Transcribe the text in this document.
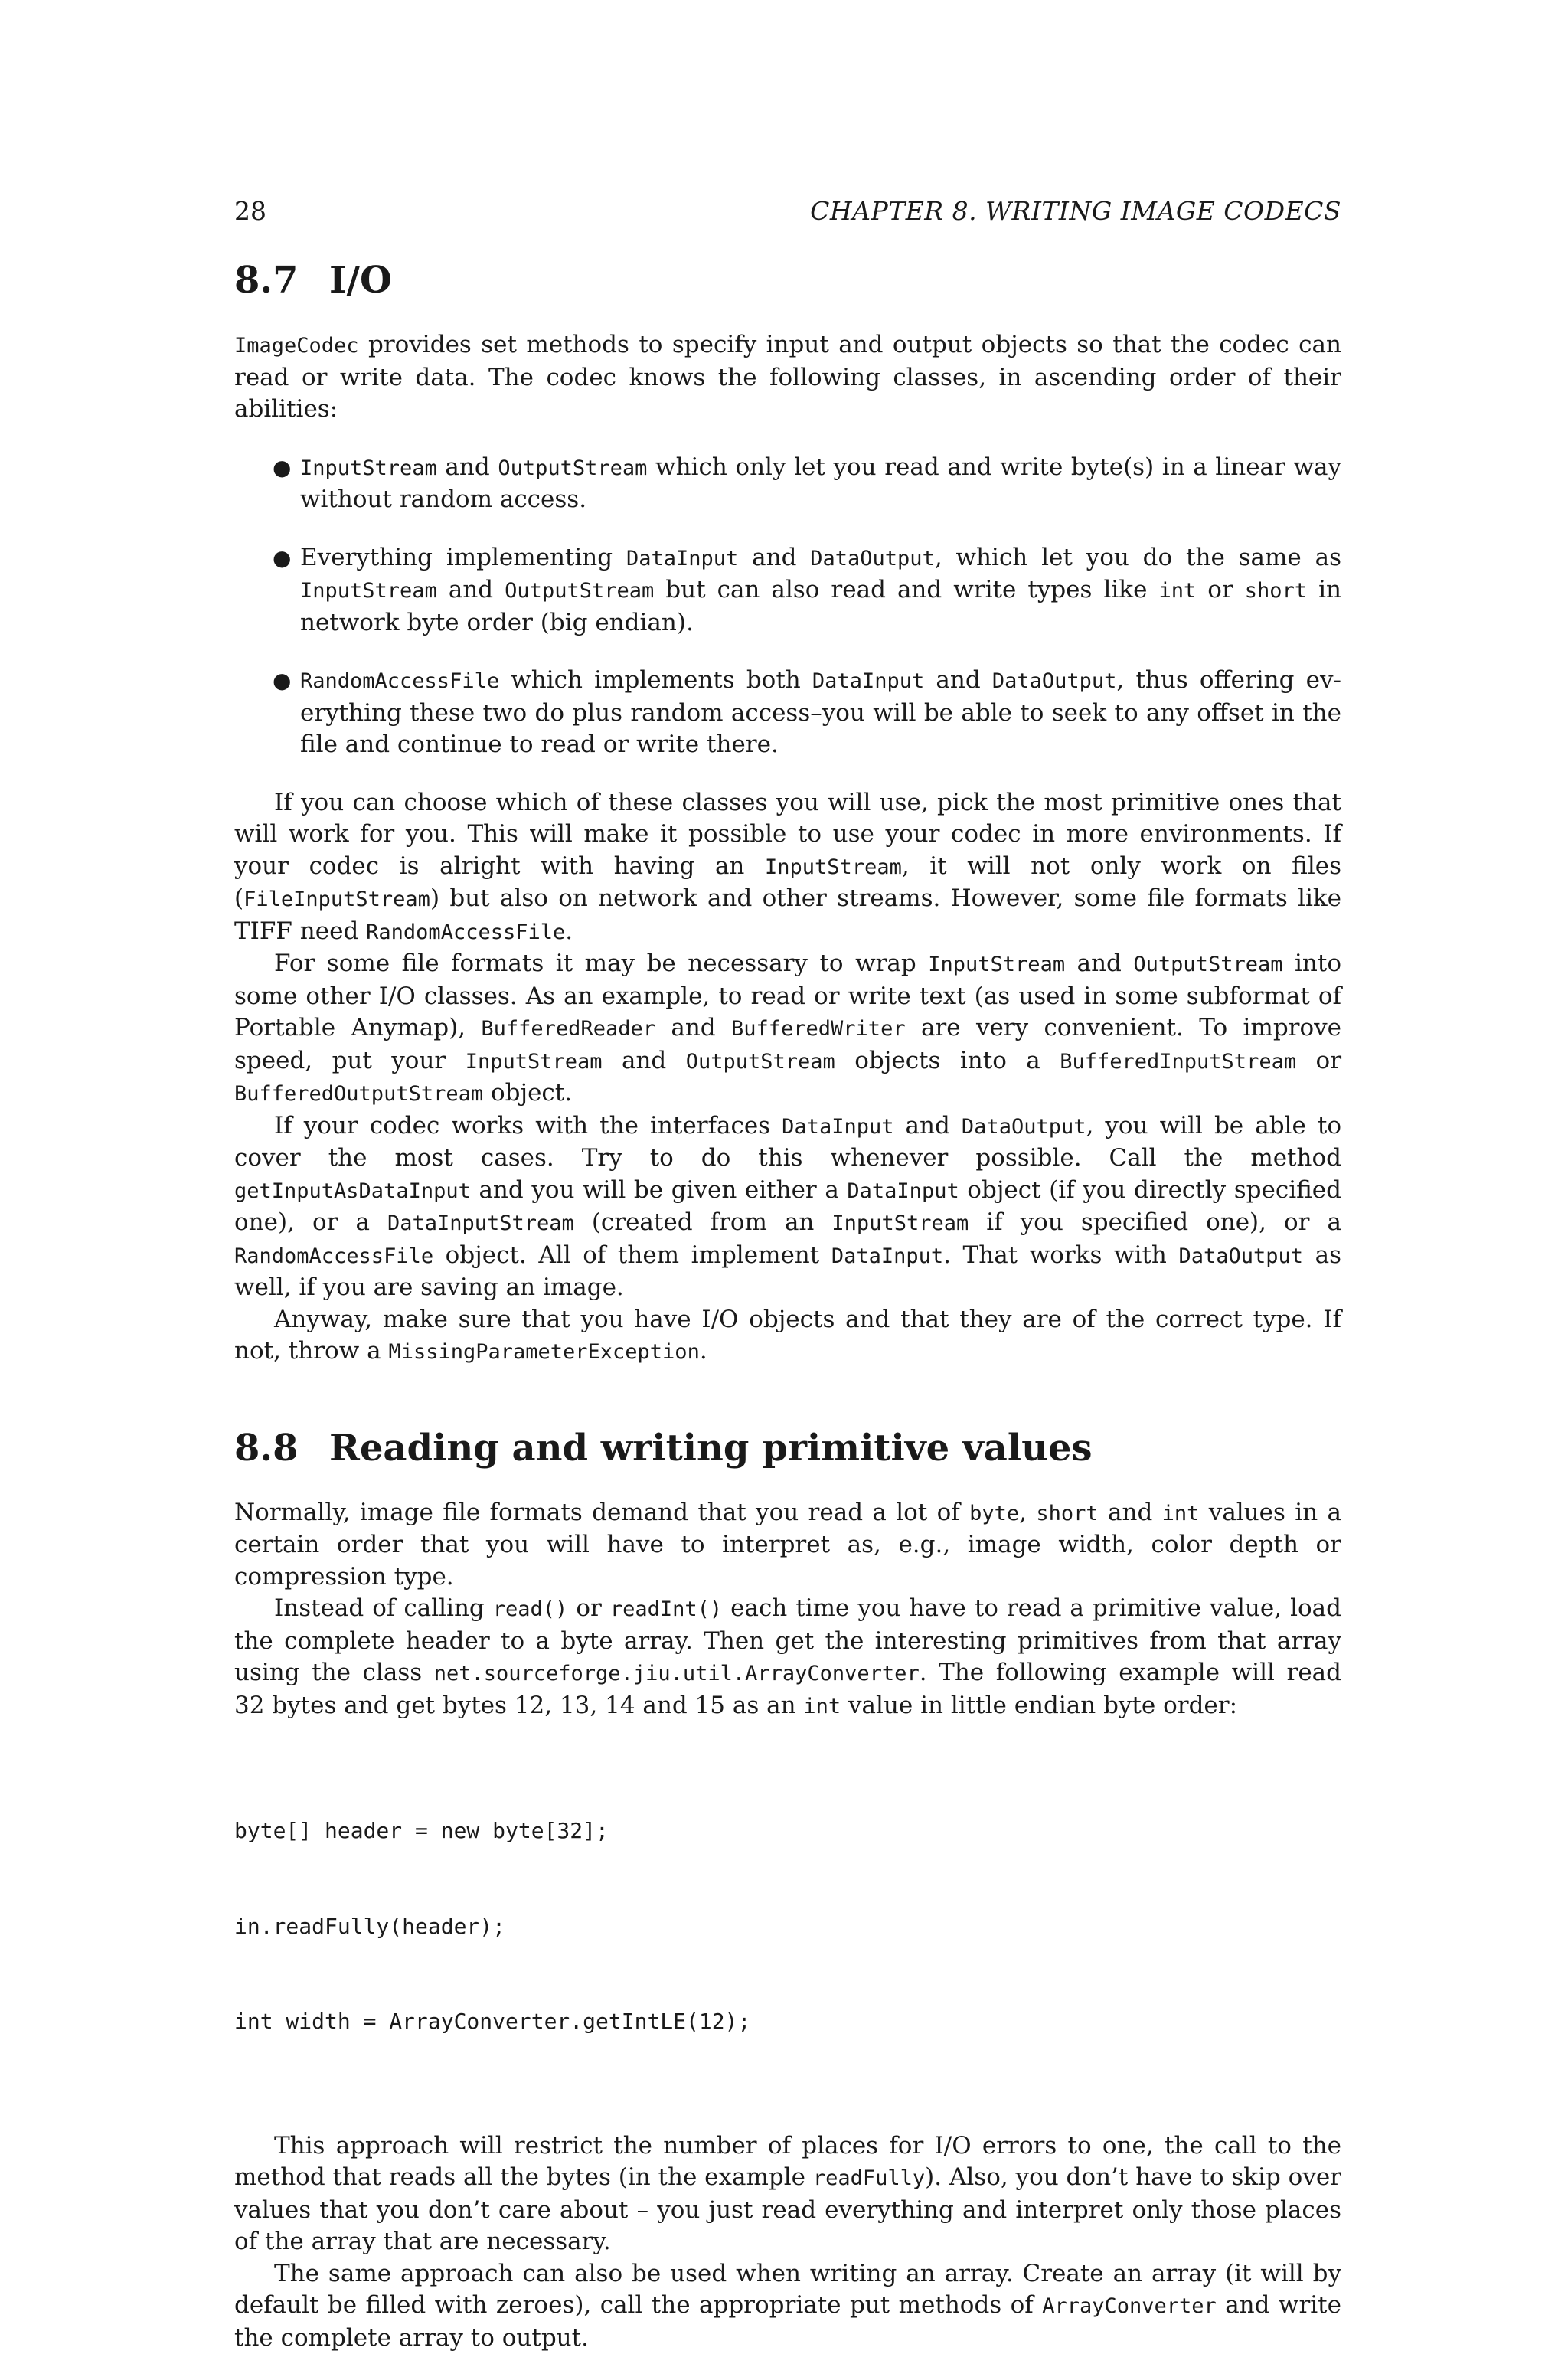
28	CHAPTER 8. WRITING IMAGE CODECS
8.7 I/O

ImageCodec provides set methods to specify input and output objects so that the codec can read or write data. The codec knows the following classes, in ascending order of their abilities:

● InputStream and OutputStream which only let you read and write byte(s) in a linear way without random access.
● Everything implementing DataInput and DataOutput, which let you do the same as InputStream and OutputStream but can also read and write types like int or short in network byte order (big endian).
● RandomAccessFile which implements both DataInput and DataOutput, thus offering everything these two do plus random access–you will be able to seek to any offset in the file and continue to read or write there.

If you can choose which of these classes you will use, pick the most primitive ones that will work for you. This will make it possible to use your codec in more environments. If your codec is alright with having an InputStream, it will not only work on files (FileInputStream) but also on network and other streams. However, some file formats like TIFF need RandomAccessFile.

For some file formats it may be necessary to wrap InputStream and OutputStream into some other I/O classes. As an example, to read or write text (as used in some subformat of Portable Anymap), BufferedReader and BufferedWriter are very convenient. To improve speed, put your InputStream and OutputStream objects into a BufferedInputStream or BufferedOutputStream object.

If your codec works with the interfaces DataInput and DataOutput, you will be able to cover the most cases. Try to do this whenever possible. Call the method getInputAsDataInput and you will be given either a DataInput object (if you directly specified one), or a DataInputStream (created from an InputStream if you specified one), or a RandomAccessFile object. All of them implement DataInput. That works with DataOutput as well, if you are saving an image.

Anyway, make sure that you have I/O objects and that they are of the correct type. If not, throw a MissingParameterException.

8.8 Reading and writing primitive values

Normally, image file formats demand that you read a lot of byte, short and int values in a certain order that you will have to interpret as, e.g., image width, color depth or compression type.

Instead of calling read() or readInt() each time you have to read a primitive value, load the complete header to a byte array. Then get the interesting primitives from that array using the class net.sourceforge.jiu.util.ArrayConverter. The following example will read 32 bytes and get bytes 12, 13, 14 and 15 as an int value in little endian byte order:

byte[] header = new byte[32];

in.readFully(header);

int width = ArrayConverter.getIntLE(12);

This approach will restrict the number of places for I/O errors to one, the call to the method that reads all the bytes (in the example readFully). Also, you don’t have to skip over values that you don’t care about – you just read everything and interpret only those places of the array that are necessary.

The same approach can also be used when writing an array. Create an array (it will by default be filled with zeroes), call the appropriate put methods of ArrayConverter and write the complete array to output.
